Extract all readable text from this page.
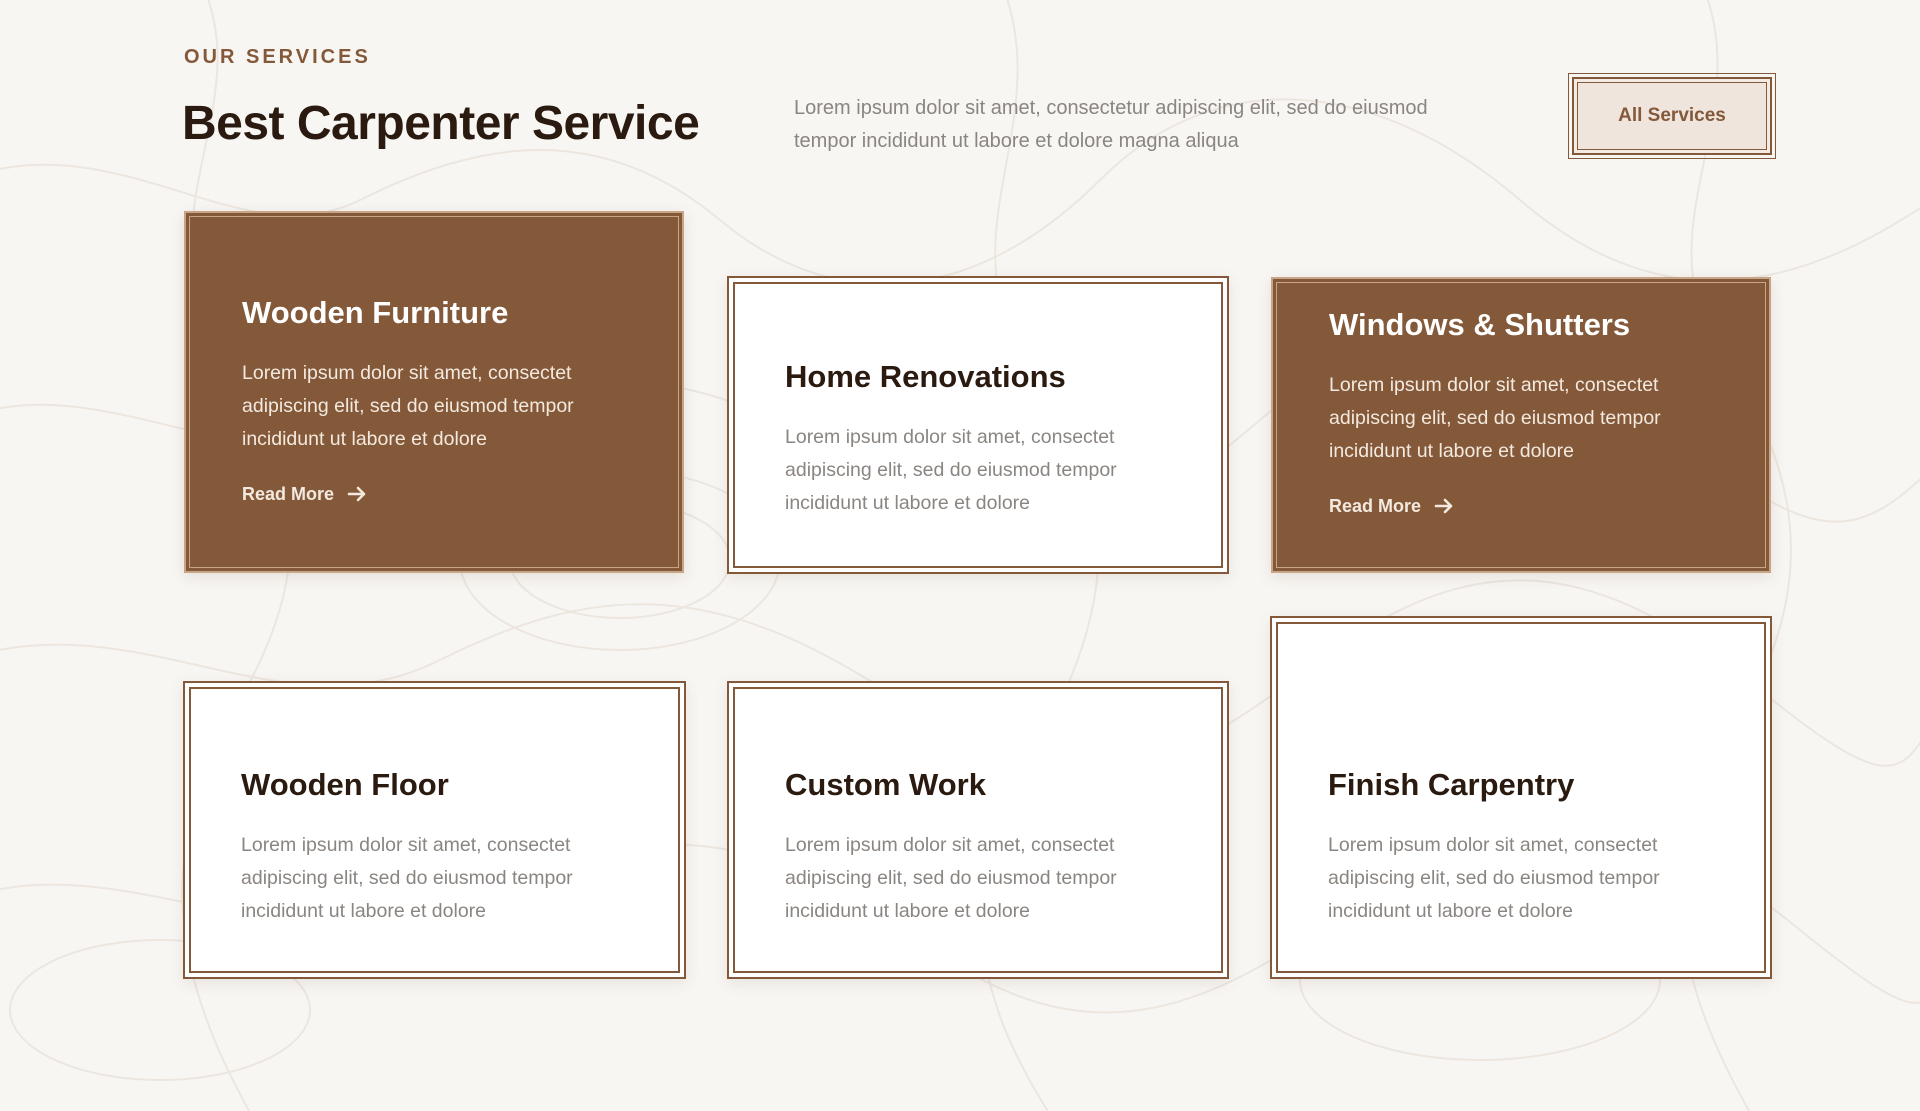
OUR SERVICES
Best Carpenter Service	Lorem ipsum dolor sit amet, consectetur adipiscing elit, sed do eiusmod tempor incididunt ut labore et dolore magna aliqua

All Services
Wooden Furniture

Lorem ipsum dolor sit amet, consectet adipiscing elit, sed do eiusmod tempor incididunt ut labore et dolore

Read More
Home Renovations

Lorem ipsum dolor sit amet, consectet adipiscing elit, sed do eiusmod tempor incididunt ut labore et dolore

Windows & Shutters

Lorem ipsum dolor sit amet, consectet adipiscing elit, sed do eiusmod tempor incididunt ut labore et dolore

Read More
Wooden Floor

Lorem ipsum dolor sit amet, consectet adipiscing elit, sed do eiusmod tempor incididunt ut labore et dolore

Custom Work

Lorem ipsum dolor sit amet, consectet adipiscing elit, sed do eiusmod tempor incididunt ut labore et dolore

Finish Carpentry

Lorem ipsum dolor sit amet, consectet adipiscing elit, sed do eiusmod tempor incididunt ut labore et dolore
